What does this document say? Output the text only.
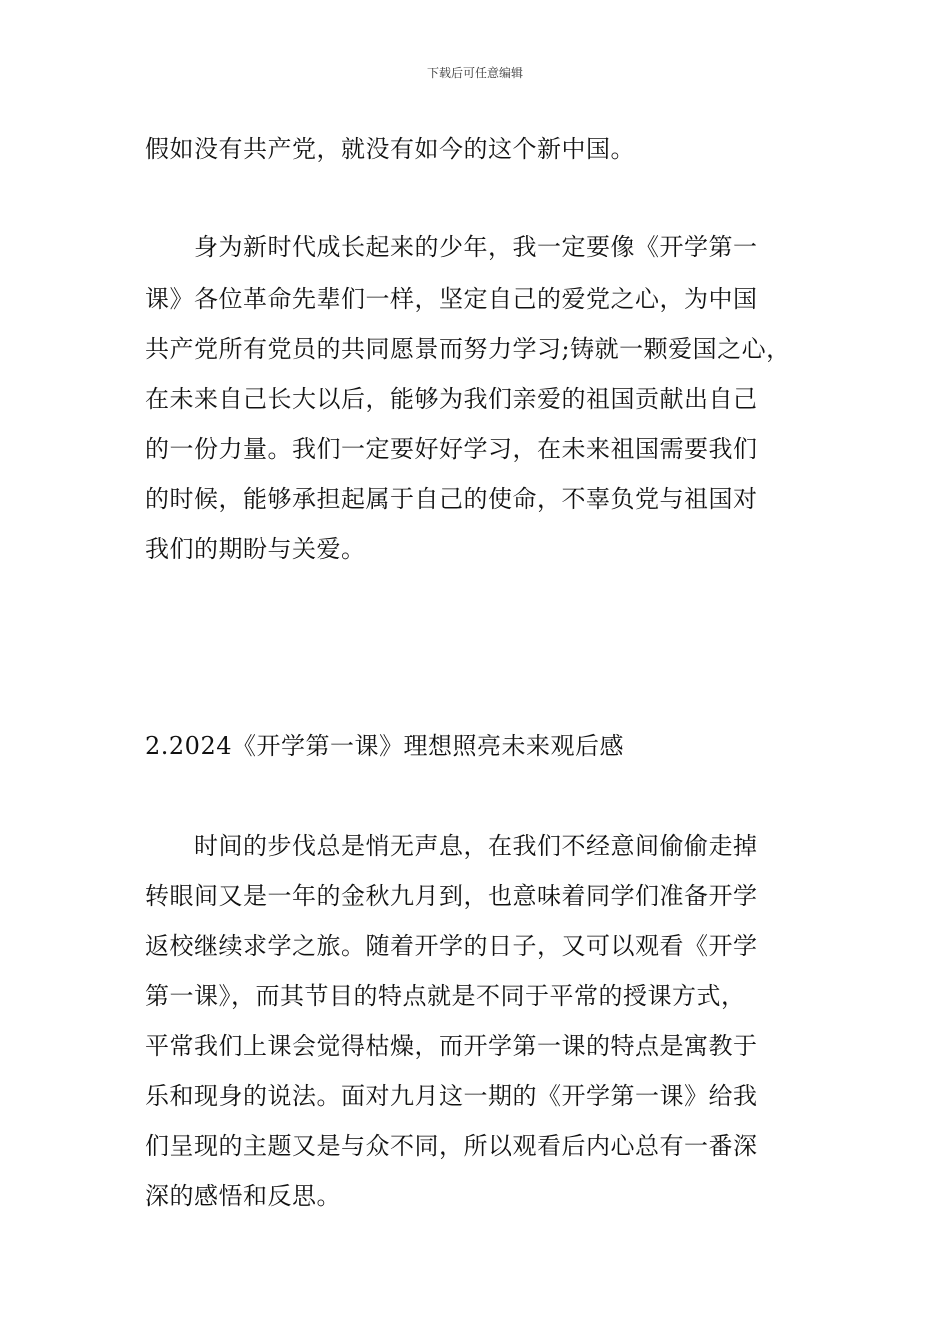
下载后可任意编辑
假如没有共产党，就没有如今的这个新中国。
　　身为新时代成长起来的少年，我一定要像《开学第一
课》各位革命先辈们一样，坚定自己的爱党之心，为中国
共产党所有党员的共同愿景而努力学习;铸就一颗爱国之心，
在未来自己长大以后，能够为我们亲爱的祖国贡献出自己
的一份力量。我们一定要好好学习，在未来祖国需要我们
的时候，能够承担起属于自己的使命，不辜负党与祖国对
我们的期盼与关爱。
2.2024《开学第一课》理想照亮未来观后感
　　时间的步伐总是悄无声息，在我们不经意间偷偷走掉
转眼间又是一年的金秋九月到，也意味着同学们准备开学
返校继续求学之旅。随着开学的日子，又可以观看《开学
第一课》，而其节目的特点就是不同于平常的授课方式，
平常我们上课会觉得枯燥，而开学第一课的特点是寓教于
乐和现身的说法。面对九月这一期的《开学第一课》给我
们呈现的主题又是与众不同，所以观看后内心总有一番深
深的感悟和反思。
